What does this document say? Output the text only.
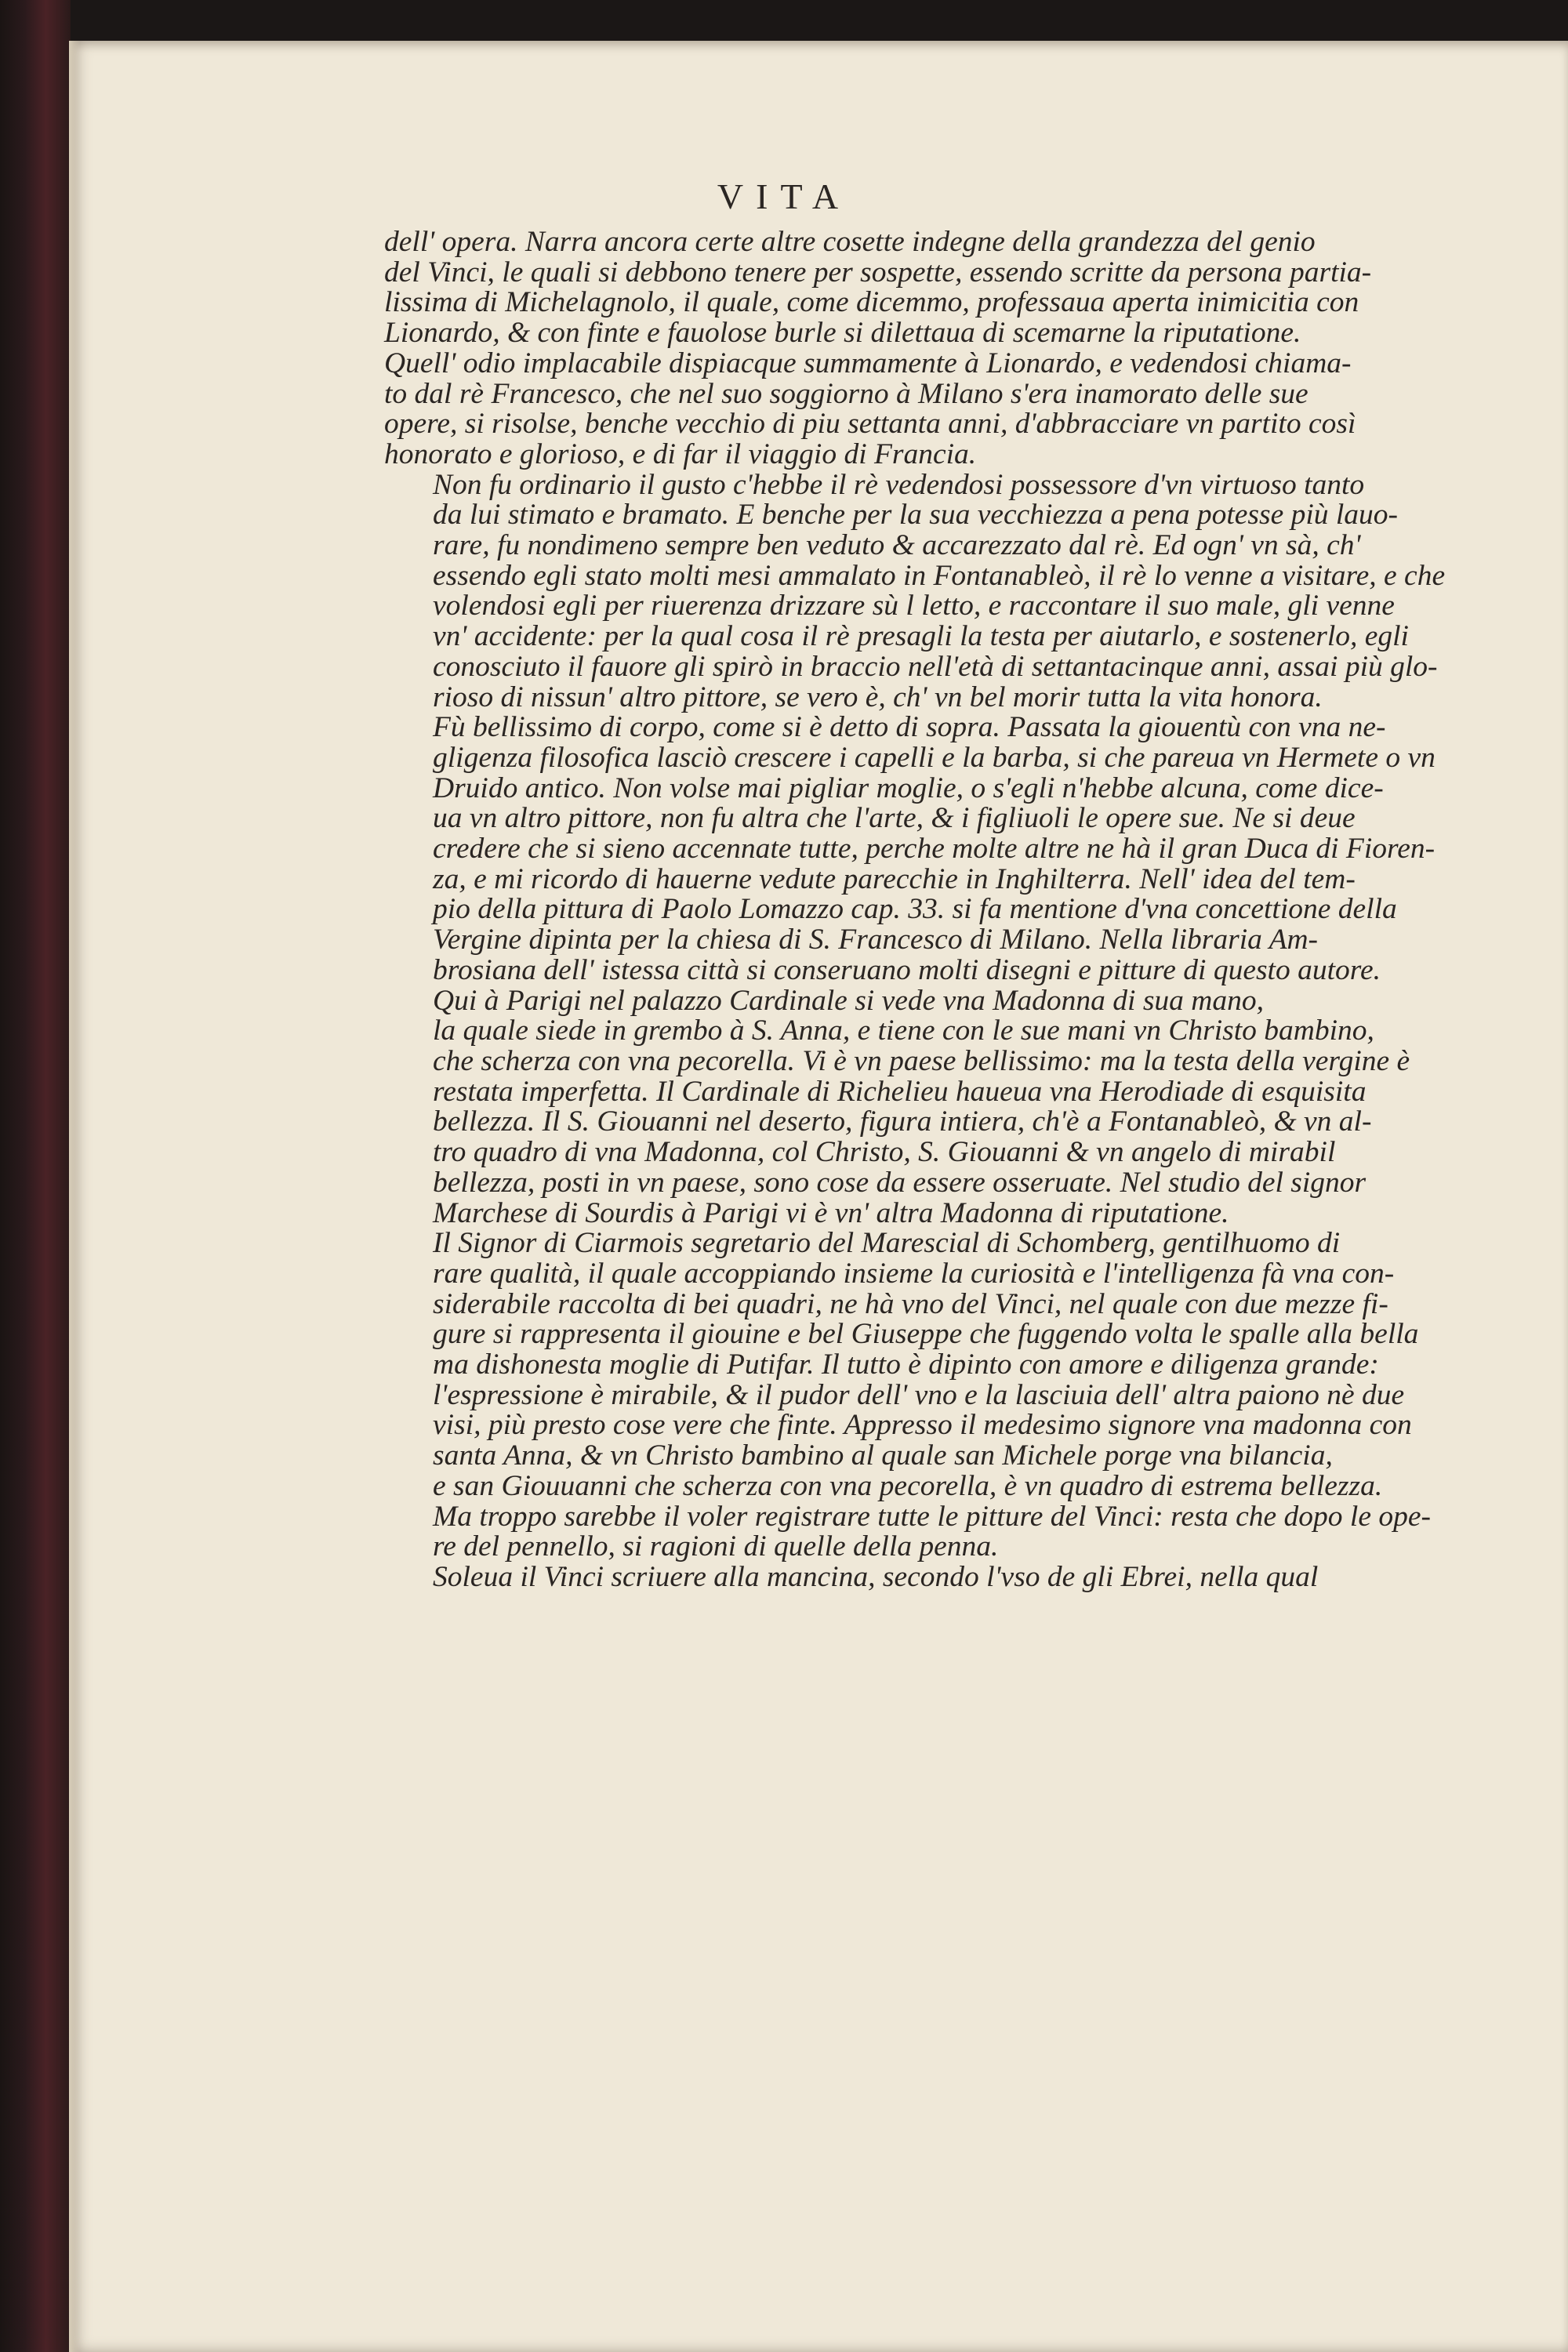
VITA

dell' opera. Narra ancora certe altre cosette indegne della grandezza del genio
del Vinci, le quali si debbono tenere per sospette, essendo scritte da persona partia-
lissima di Michelagnolo, il quale, come dicemmo, professaua aperta inimicitia con
Lionardo, & con finte e fauolose burle si dilettaua di scemarne la riputatione.
Quell' odio implacabile dispiacque summamente à Lionardo, e vedendosi chiama-
to dal rè Francesco, che nel suo soggiorno à Milano s'era inamorato delle sue
opere, si risolse, benche vecchio di piu settanta anni, d'abbracciare vn partito così
honorato e glorioso, e di far il viaggio di Francia.

Non fu ordinario il gusto c'hebbe il rè vedendosi possessore d'vn virtuoso tanto
da lui stimato e bramato. E benche per la sua vecchiezza a pena potesse più lauo-
rare, fu nondimeno sempre ben veduto & accarezzato dal rè. Ed ogn' vn sà, ch'
essendo egli stato molti mesi ammalato in Fontanableò, il rè lo venne a visitare, e che
volendosi egli per riuerenza drizzare sù l letto, e raccontare il suo male, gli venne
vn' accidente: per la qual cosa il rè presagli la testa per aiutarlo, e sostenerlo, egli
conosciuto il fauore gli spirò in braccio nell'età di settantacinque anni, assai più glo-
rioso di nissun' altro pittore, se vero è, ch' vn bel morir tutta la vita honora.

Fù bellissimo di corpo, come si è detto di sopra. Passata la giouentù con vna ne-
gligenza filosofica lasciò crescere i capelli e la barba, si che pareua vn Hermete o vn
Druido antico. Non volse mai pigliar moglie, o s'egli n'hebbe alcuna, come dice-
ua vn altro pittore, non fu altra che l'arte, & i figliuoli le opere sue. Ne si deue
credere che si sieno accennate tutte, perche molte altre ne hà il gran Duca di Fioren-
za, e mi ricordo di hauerne vedute parecchie in Inghilterra. Nell' idea del tem-
pio della pittura di Paolo Lomazzo cap. 33. si fa mentione d'vna concettione della
Vergine dipinta per la chiesa di S. Francesco di Milano. Nella libraria Am-
brosiana dell' istessa città si conseruano molti disegni e pitture di questo autore.

Qui à Parigi nel palazzo Cardinale si vede vna Madonna di sua mano,
la quale siede in grembo à S. Anna, e tiene con le sue mani vn Christo bambino,
che scherza con vna pecorella. Vi è vn paese bellissimo: ma la testa della vergine è
restata imperfetta. Il Cardinale di Richelieu haueua vna Herodiade di esquisita
bellezza. Il S. Giouanni nel deserto, figura intiera, ch'è a Fontanableò, & vn al-
tro quadro di vna Madonna, col Christo, S. Giouanni & vn angelo di mirabil
bellezza, posti in vn paese, sono cose da essere osseruate. Nel studio del signor
Marchese di Sourdis à Parigi vi è vn' altra Madonna di riputatione.

Il Signor di Ciarmois segretario del Marescial di Schomberg, gentilhuomo di
rare qualità, il quale accoppiando insieme la curiosità e l'intelligenza fà vna con-
siderabile raccolta di bei quadri, ne hà vno del Vinci, nel quale con due mezze fi-
gure si rappresenta il giouine e bel Giuseppe che fuggendo volta le spalle alla bella
ma dishonesta moglie di Putifar. Il tutto è dipinto con amore e diligenza grande:
l'espressione è mirabile, & il pudor dell' vno e la lasciuia dell' altra paiono nè due
visi, più presto cose vere che finte. Appresso il medesimo signore vna madonna con
santa Anna, & vn Christo bambino al quale san Michele porge vna bilancia,
e san Giouuanni che scherza con vna pecorella, è vn quadro di estrema bellezza.
Ma troppo sarebbe il voler registrare tutte le pitture del Vinci: resta che dopo le ope-
re del pennello, si ragioni di quelle della penna.

Soleua il Vinci scriuere alla mancina, secondo l'vso de gli Ebrei, nella qual
